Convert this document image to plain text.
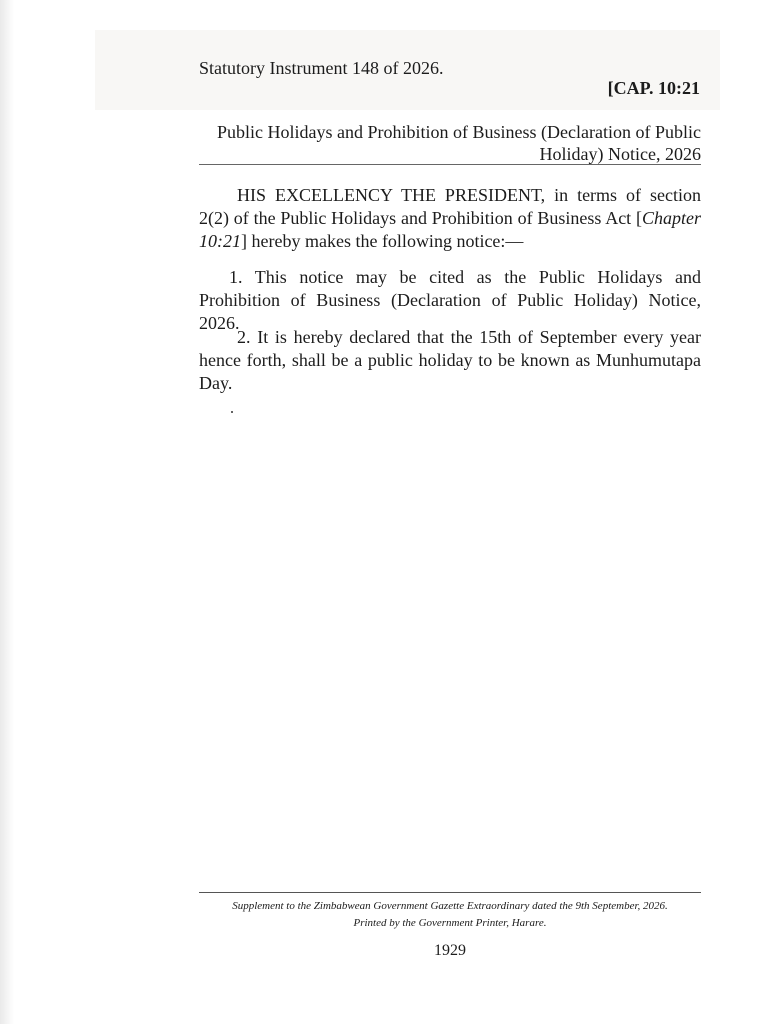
Statutory Instrument 148 of 2026.
[CAP. 10:21
Public Holidays and Prohibition of Business (Declaration of Public
Holiday) Notice, 2026

HIS EXCELLENCY THE PRESIDENT, in terms of section 2(2) of the Public Holidays and Prohibition of Business Act [Chapter 10:21] hereby makes the following notice:—

1. This notice may be cited as the Public Holidays and Prohibition of Business (Declaration of Public Holiday) Notice, 2026.

2. It is hereby declared that the 15th of September every year hence forth, shall be a public holiday to be known as Munhumutapa Day.

Supplement to the Zimbabwean Government Gazette Extraordinary dated the 9th September, 2026.
Printed by the Government Printer, Harare.
1929
